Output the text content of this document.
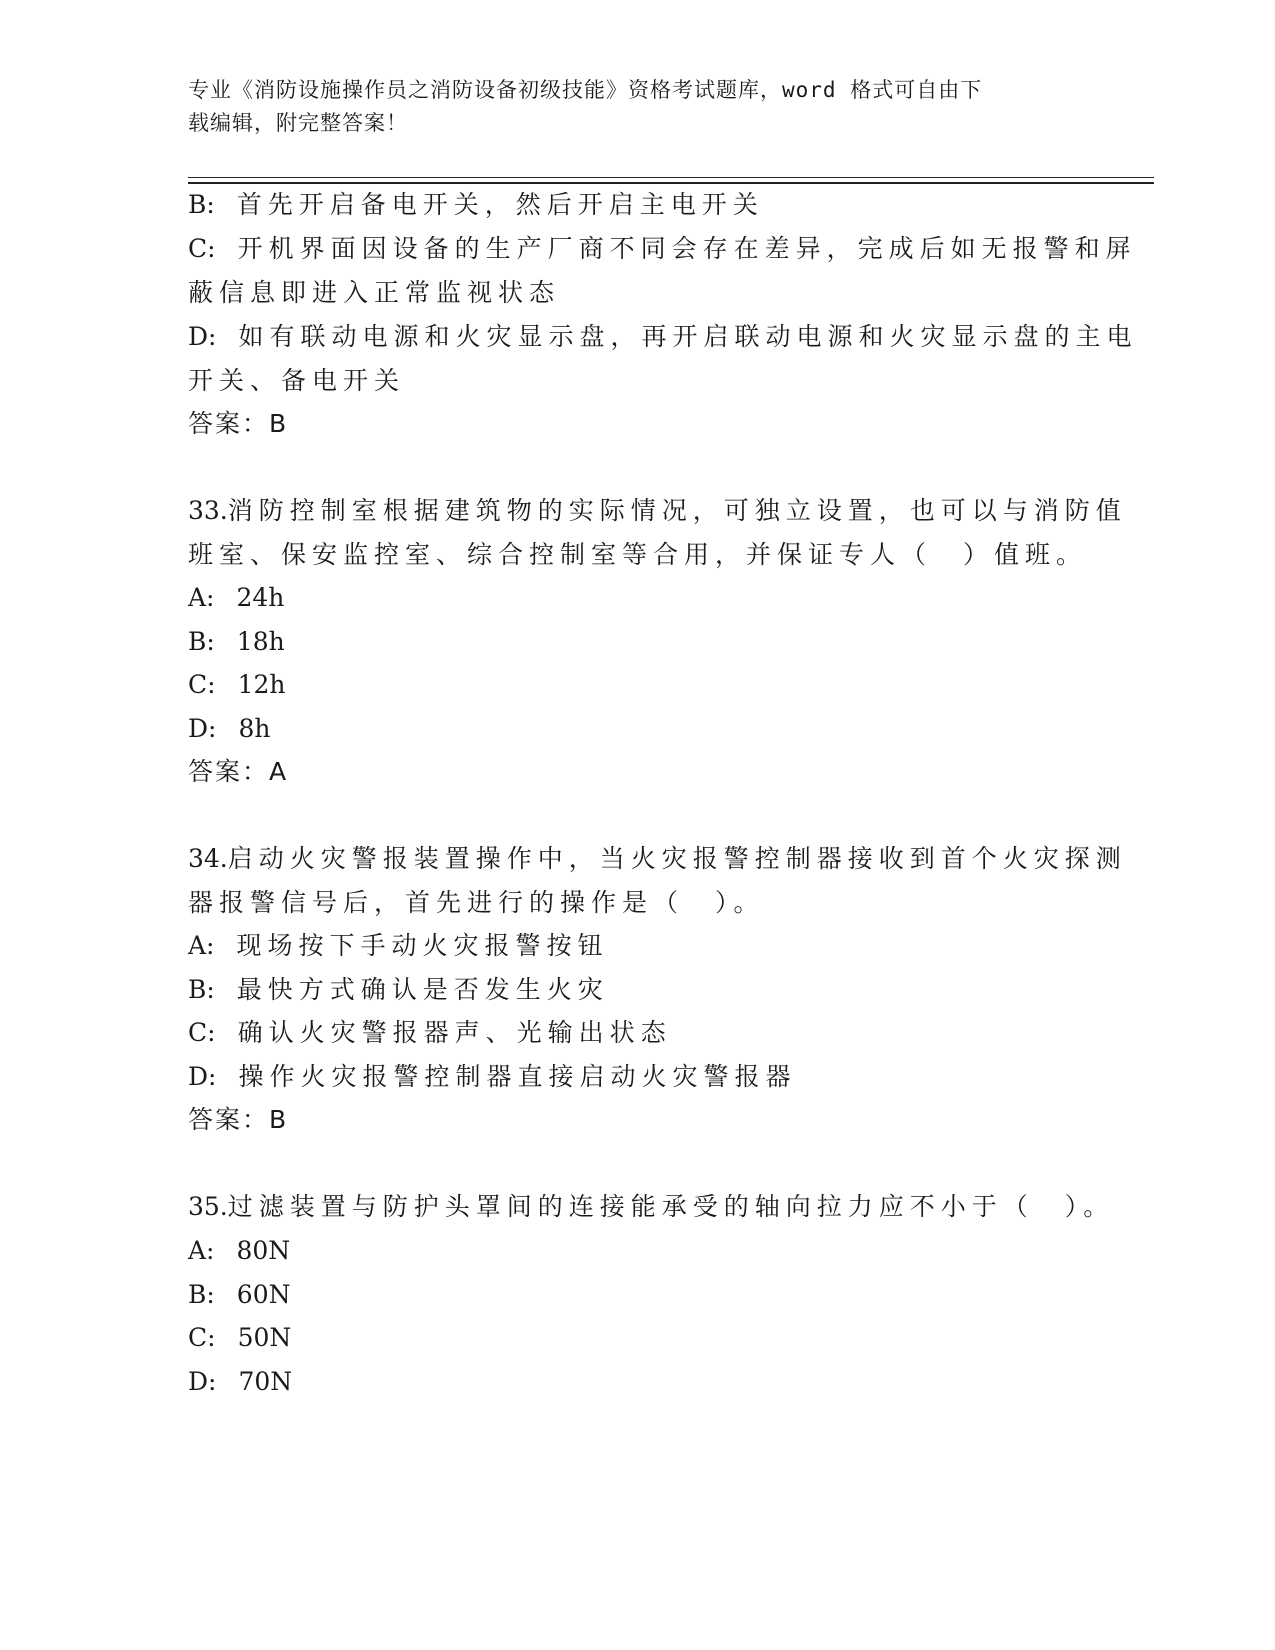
专业《消防设施操作员之消防设备初级技能》资格考试题库，word 格式可自由下
载编辑，附完整答案！
B: 首先开启备电开关，然后开启主电开关
C: 开机界面因设备的生产厂商不同会存在差异，完成后如无报警和屏
蔽信息即进入正常监视状态
D: 如有联动电源和火灾显示盘，再开启联动电源和火灾显示盘的主电
开关、备电开关
答案：B
33.消防控制室根据建筑物的实际情况，可独立设置，也可以与消防值
班室、保安监控室、综合控制室等合用，并保证专人（　）值班。
A: 24h
B: 18h
C: 12h
D: 8h
答案：A
34.启动火灾警报装置操作中，当火灾报警控制器接收到首个火灾探测
器报警信号后，首先进行的操作是（　）。
A: 现场按下手动火灾报警按钮
B: 最快方式确认是否发生火灾
C: 确认火灾警报器声、光输出状态
D: 操作火灾报警控制器直接启动火灾警报器
答案：B
35.过滤装置与防护头罩间的连接能承受的轴向拉力应不小于（　）。
A: 80N
B: 60N
C: 50N
D: 70N
